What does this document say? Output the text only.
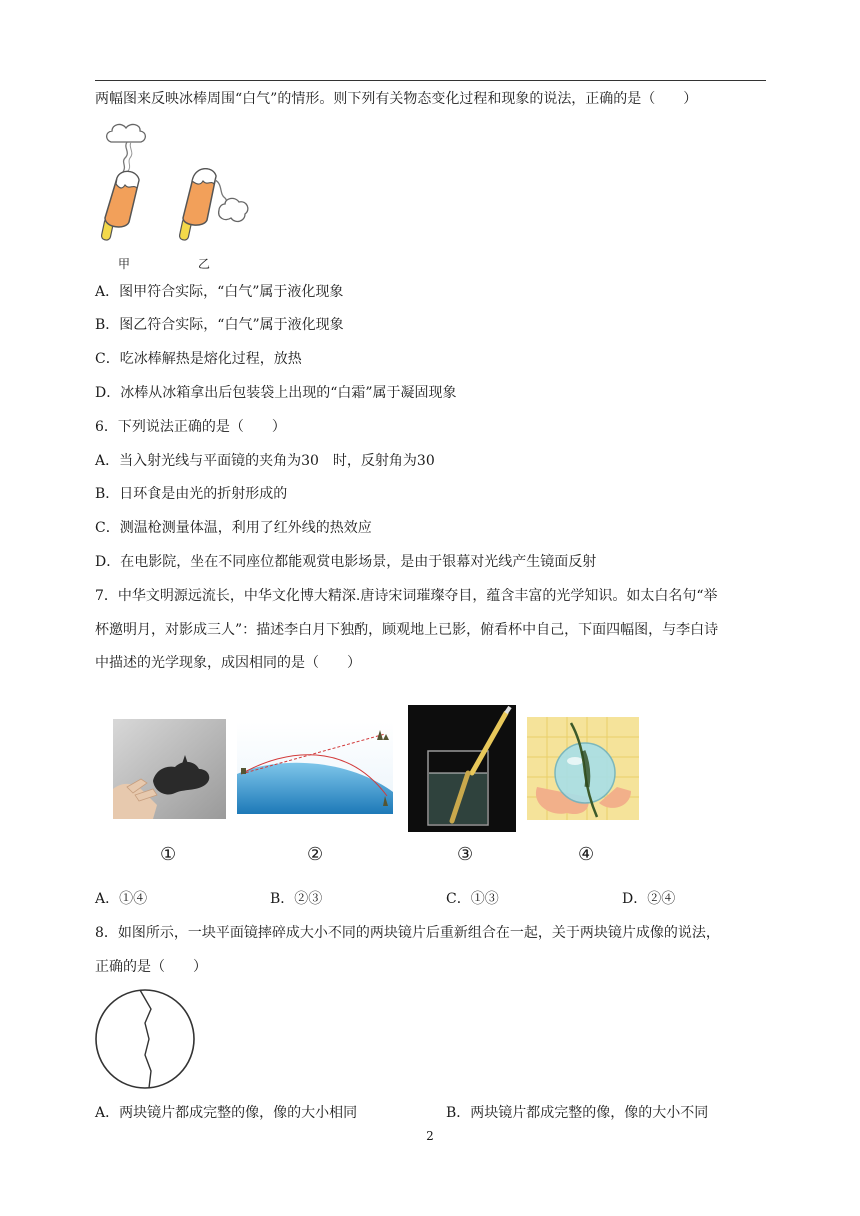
两幅图来反映冰棒周围“白气”的情形。则下列有关物态变化过程和现象的说法，正确的是（　　）
甲	乙
A．图甲符合实际，“白气”属于液化现象
B．图乙符合实际，“白气”属于液化现象
C．吃冰棒解热是熔化过程，放热
D．冰棒从冰箱拿出后包装袋上出现的“白霜”属于凝固现象
6．下列说法正确的是（　　）
A．当入射光线与平面镜的夹角为30　时，反射角为30
B．日环食是由光的折射形成的
C．测温枪测量体温，利用了红外线的热效应
D．在电影院，坐在不同座位都能观赏电影场景，是由于银幕对光线产生镜面反射
7．中华文明源远流长，中华文化博大精深.唐诗宋词璀璨夺目，蕴含丰富的光学知识。如太白名句“举
杯邀明月，对影成三人”：描述李白月下独酌，顾观地上已影，俯看杯中自己，下面四幅图，与李白诗
中描述的光学现象，成因相同的是（　　）
①	②	③	④
A．①④	B．②③	C．①③	D．②④
8．如图所示，一块平面镜摔碎成大小不同的两块镜片后重新组合在一起，关于两块镜片成像的说法，
正确的是（　　）
A．两块镜片都成完整的像，像的大小相同	B．两块镜片都成完整的像，像的大小不同
2
